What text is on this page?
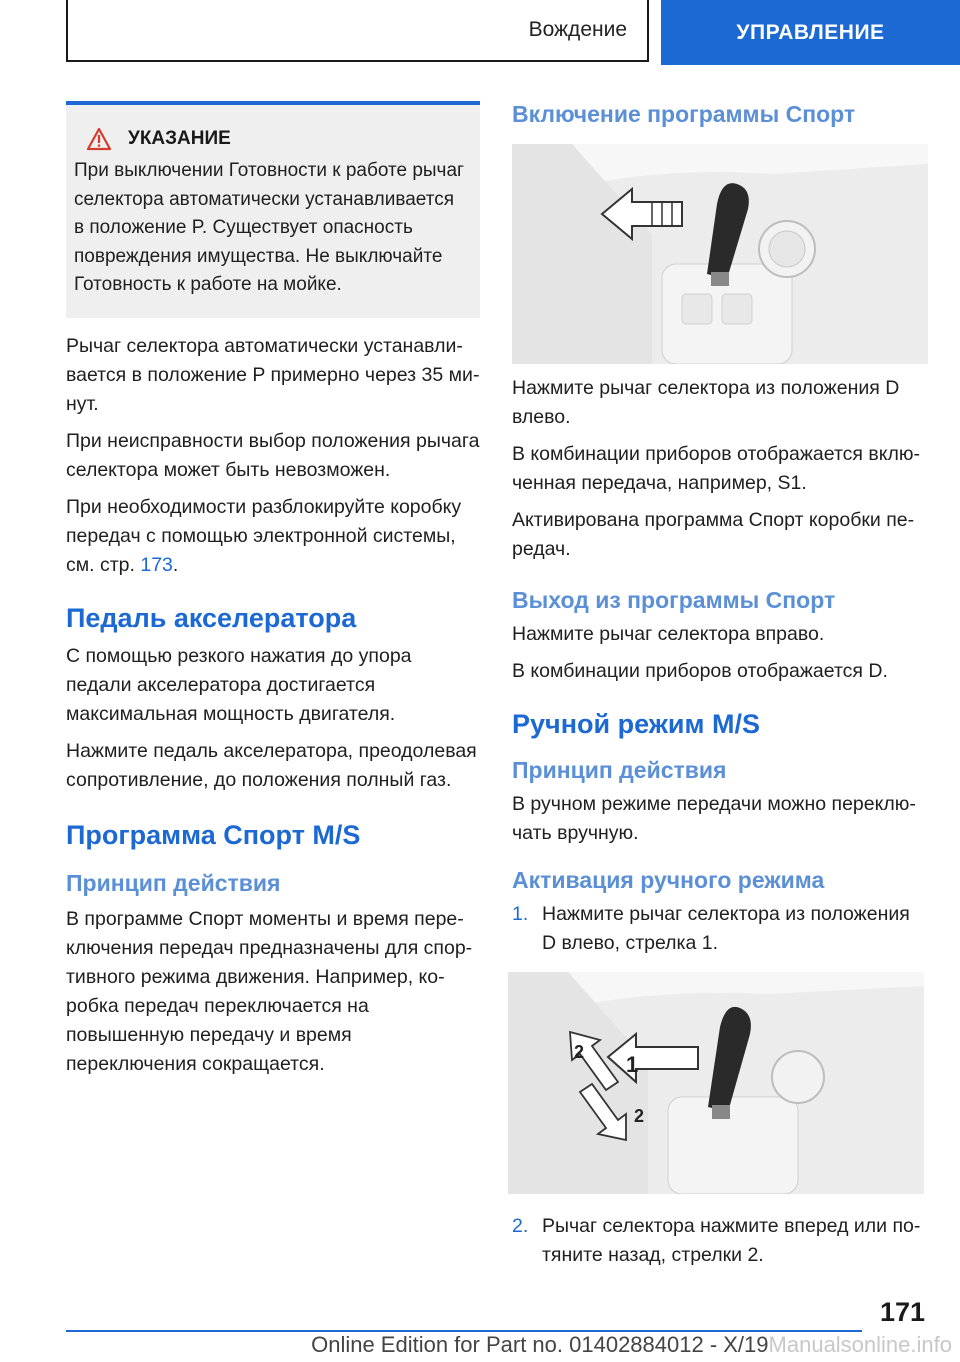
Вождение	УПРАВЛЕНИЕ
УКАЗАНИЕ

При выключении Готовности к работе рычаг селектора автоматически устанавливается в положение P. Существует опасность повреждения имущества. Не выключайте Готовность к работе на мойке.

Рычаг селектора автоматически устанавливается в положение P примерно через 35 минут.

При неисправности выбор положения рычага селектора может быть невозможен.

При необходимости разблокируйте коробку передач с помощью электронной системы, см. стр. 173.

Педаль акселератора

С помощью резкого нажатия до упора педали акселератора достигается максимальная мощность двигателя.

Нажмите педаль акселератора, преодолевая сопротивление, до положения полный газ.

Программа Спорт M/S
Принцип действия

В программе Спорт моменты и время переключения передач предназначены для спортивного режима движения. Например, коробка передач переключается на повышенную передачу и время переключения сокращается.

Включение программы Спорт

Нажмите рычаг селектора из положения D влево.

В комбинации приборов отображается включенная передача, например, S1.

Активирована программа Спорт коробки передач.

Выход из программы Спорт

Нажмите рычаг селектора вправо.

В комбинации приборов отображается D.

Ручной режим M/S
Принцип действия

В ручном режиме передачи можно переключать вручную.

Активация ручного режима
1. Нажмите рычаг селектора из положения D влево, стрелка 1.

1
2
2
2. Рычаг селектора нажмите вперед или потяните назад, стрелки 2.

171
Online Edition for Part no. 01402884012 - X/19Manualsonline.info
